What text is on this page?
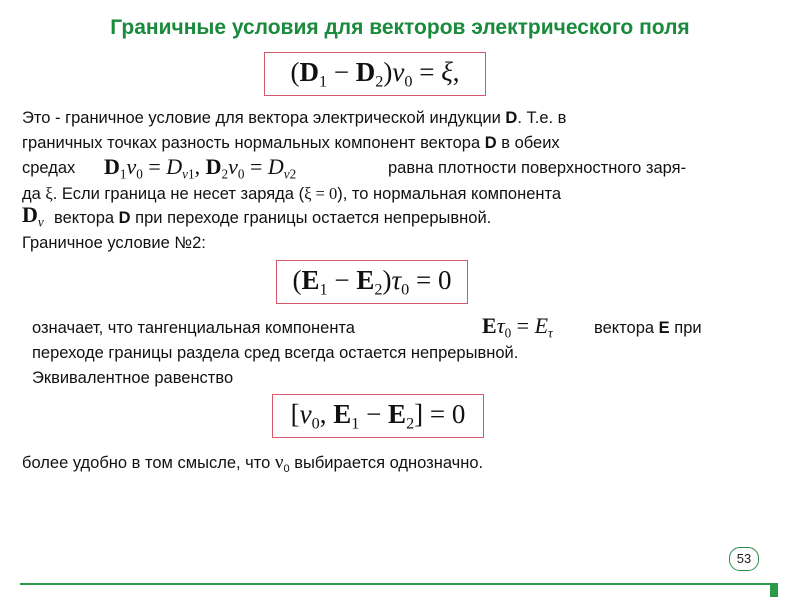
Граничные условия для векторов электрического поля
$(D_1 - D_2)\nu_0 = \xi$,
Это - граничное условие для вектора электрической индукции D. Т.е. в
граничных точках разность нормальных компонент вектора D в обеих
средах $D_1\nu_0 = D_{\nu 1}$, $D_2\nu_0 = D_{\nu 2}$	равна плотности поверхностного заря-
да ξ. Если граница не несет заряда (ξ = 0), то нормальная компонента
$D_\nu$ вектора D при переходе границы остается непрерывной.
Граничное условие №2:
$(E_1 - E_2)\tau_0 = 0$
означает, что тангенциальная компонента	$E\tau_0 = E_\tau$ вектора E при
переходе границы раздела сред всегда остается непрерывной.
Эквивалентное равенство
[$\nu_0$, $E_1 - E_2] = 0$
более удобно в том смысле, что $\nu_0$ выбирается однозначно.
53
